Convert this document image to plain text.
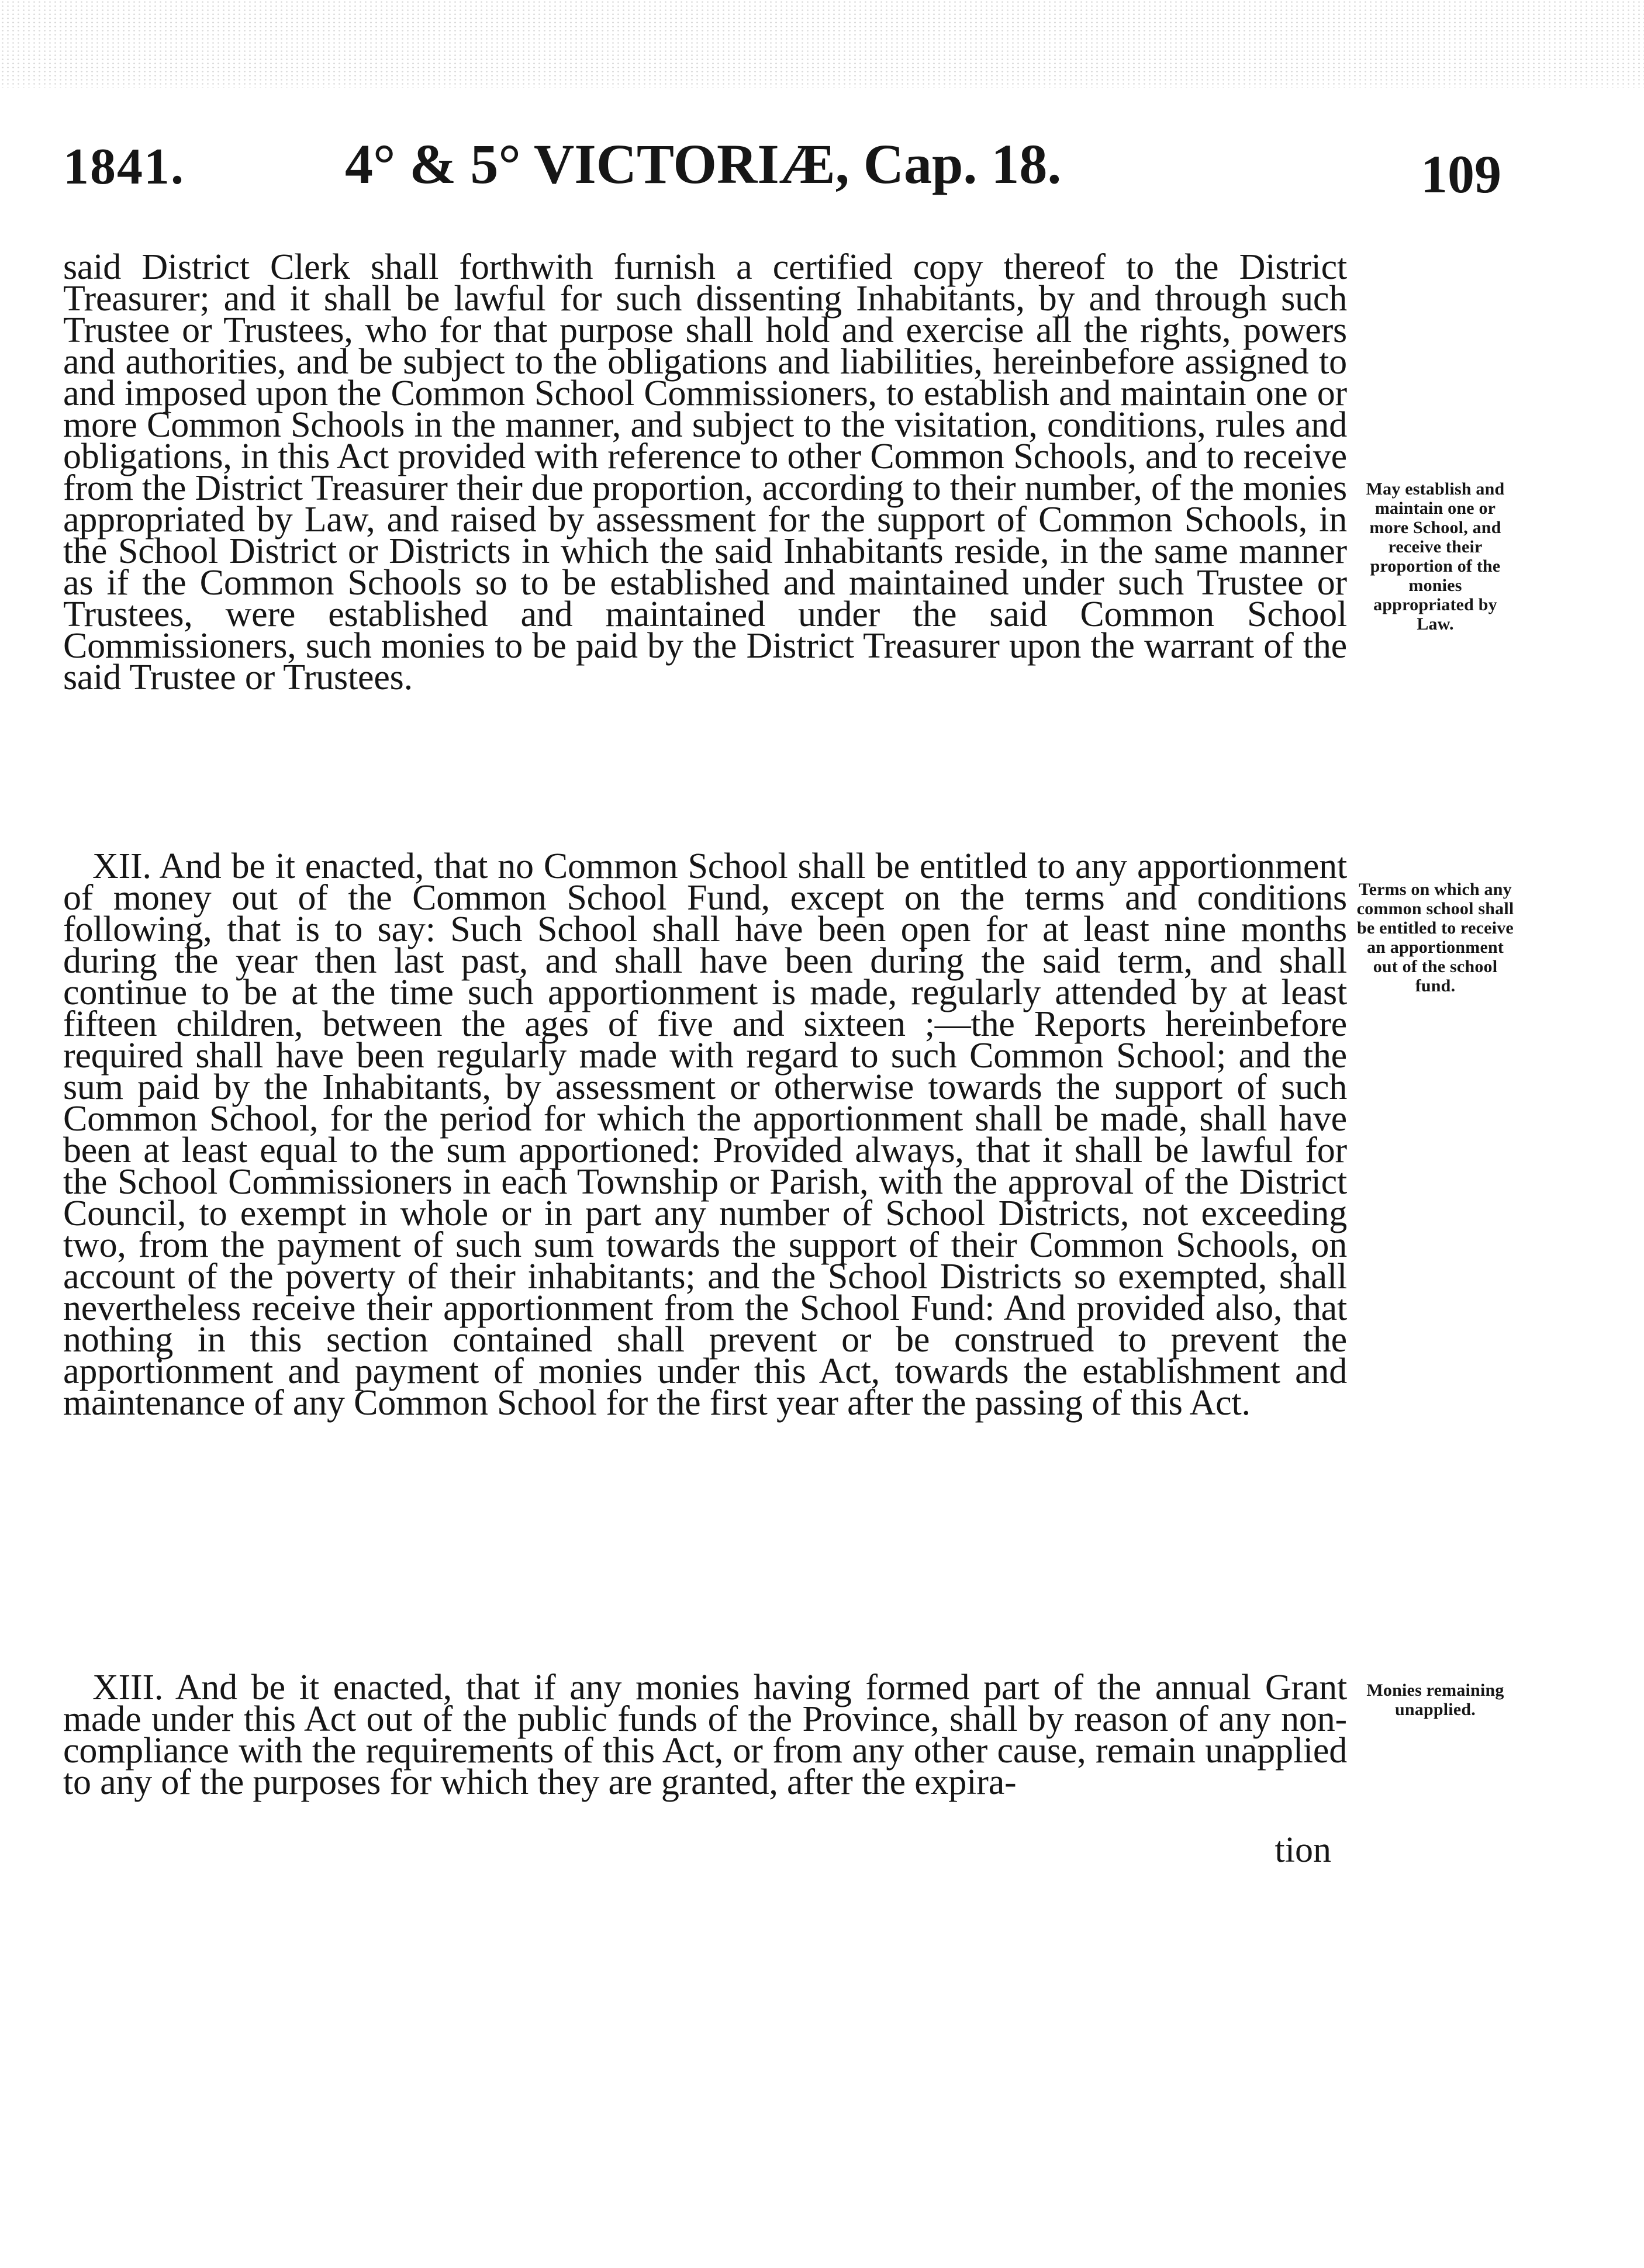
1841.	4° & 5° VICTORIÆ, Cap. 18.	109

said District Clerk shall forthwith furnish a certified copy thereof to the District Treasurer; and it shall be lawful for such dissenting Inhabitants, by and through such Trustee or Trustees, who for that purpose shall hold and exercise all the rights, powers and authorities, and be subject to the obligations and liabilities, hereinbefore assigned to and imposed upon the Common School Commissioners, to establish and maintain one or more Common Schools in the manner, and subject to the visitation, conditions, rules and obligations, in this Act provided with reference to other Common Schools, and to receive from the District Treasurer their due proportion, according to their number, of the monies appropriated by Law, and raised by assessment for the support of Common Schools, in the School District or Districts in which the said Inhabitants reside, in the same manner as if the Common Schools so to be established and maintained under such Trustee or Trustees, were established and maintained under the said Common School Commissioners, such monies to be paid by the District Treasurer upon the warrant of the said Trustee or Trustees.

XII. And be it enacted, that no Common School shall be entitled to any apportionment of money out of the Common School Fund, except on the terms and conditions following, that is to say: Such School shall have been open for at least nine months during the year then last past, and shall have been during the said term, and shall continue to be at the time such apportionment is made, regularly attended by at least fifteen children, between the ages of five and sixteen ;—the Reports hereinbefore required shall have been regularly made with regard to such Common School; and the sum paid by the Inhabitants, by assessment or otherwise towards the support of such Common School, for the period for which the apportionment shall be made, shall have been at least equal to the sum apportioned: Provided always, that it shall be lawful for the School Commissioners in each Township or Parish, with the approval of the District Council, to exempt in whole or in part any number of School Districts, not exceeding two, from the payment of such sum towards the support of their Common Schools, on account of the poverty of their inhabitants; and the School Districts so exempted, shall nevertheless receive their apportionment from the School Fund: And provided also, that nothing in this section contained shall prevent or be construed to prevent the apportionment and payment of monies under this Act, towards the establishment and maintenance of any Common School for the first year after the passing of this Act.

XIII. And be it enacted, that if any monies having formed part of the annual Grant made under this Act out of the public funds of the Province, shall by reason of any non-compliance with the requirements of this Act, or from any other cause, remain unapplied to any of the purposes for which they are granted, after the expira-

tion
May establish and maintain one or more School, and receive their proportion of the monies appropriated by Law.
Terms on which any common school shall be entitled to receive an apportionment out of the school fund.
Monies remaining unapplied.
